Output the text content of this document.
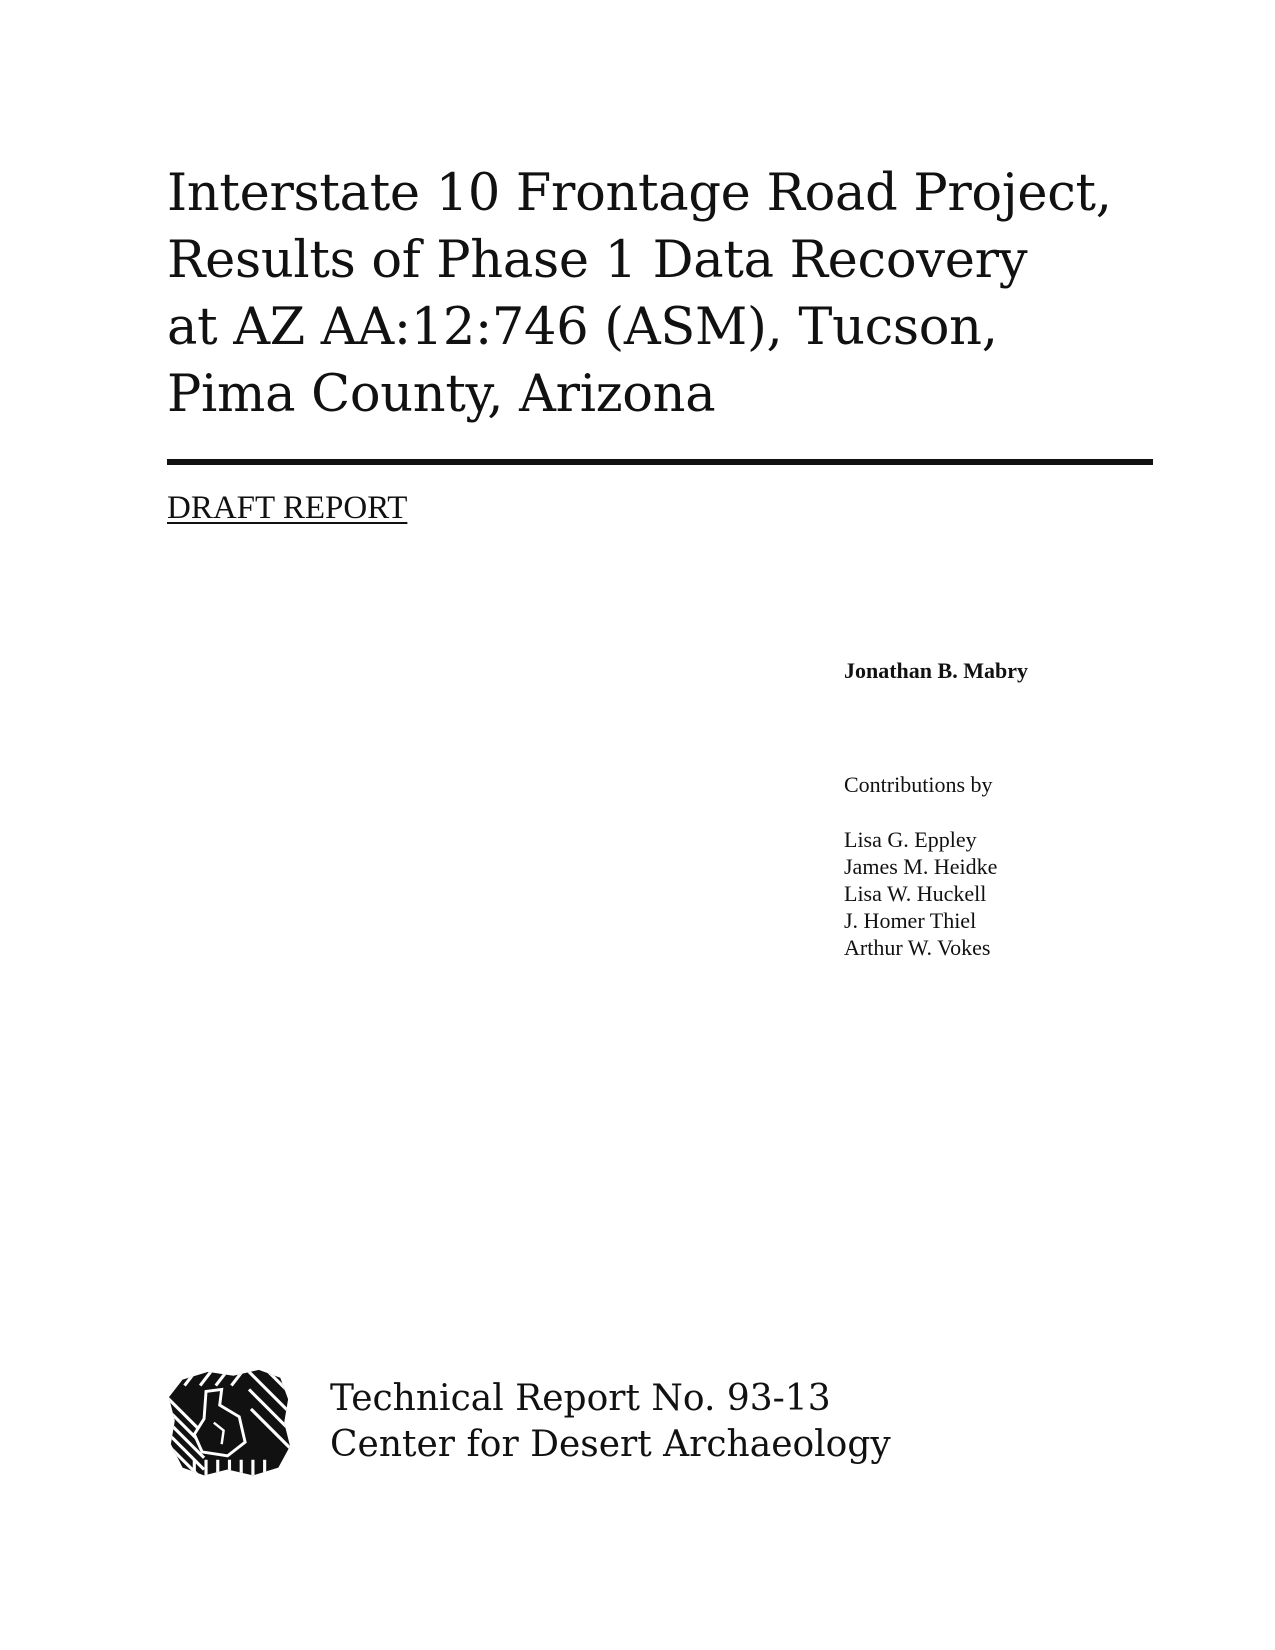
Interstate 10 Frontage Road Project,
Results of Phase 1 Data Recovery
at AZ AA:12:746 (ASM), Tucson,
Pima County, Arizona
DRAFT REPORT
Jonathan B. Mabry
Contributions by
Lisa G. Eppley
James M. Heidke
Lisa W. Huckell
J. Homer Thiel
Arthur W. Vokes
Technical Report No. 93-13
Center for Desert Archaeology
